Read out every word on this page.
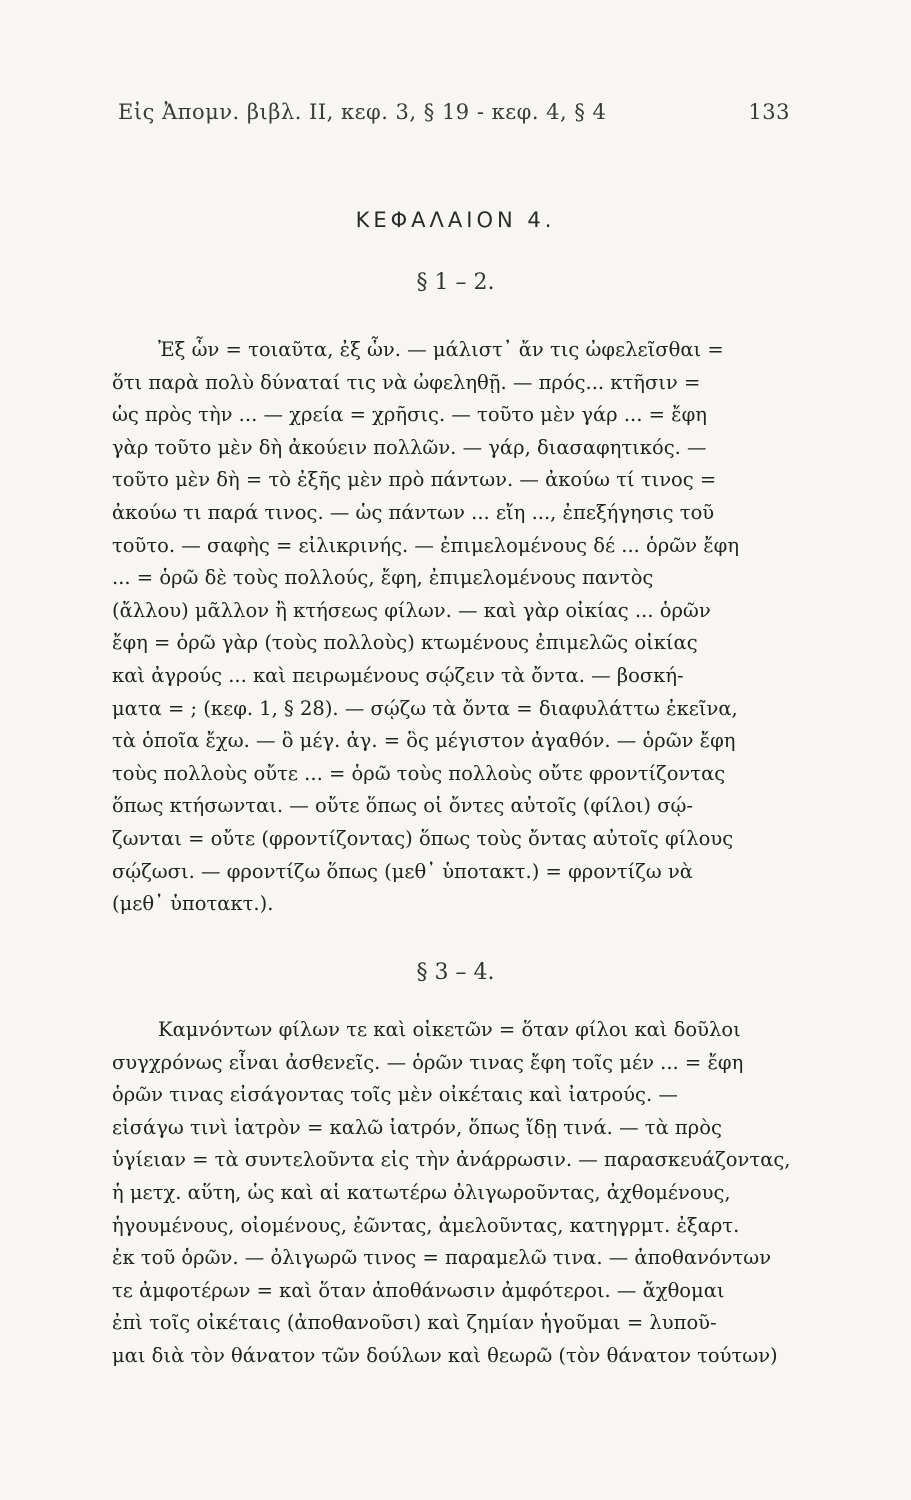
Εἰς Ἀπομν. βιβλ. II, κεφ. 3, § 19 - κεφ. 4, § 4	133
ΚΕΦΑΛΑΙΟΝ 4.
§ 1 – 2.
Ἐξ ὧν = τοιαῦτα, ἐξ ὧν. — μάλιστ᾽ ἄν τις ὠφελεῖσθαι =
ὅτι παρὰ πολὺ δύναταί τις νὰ ὠφεληθῇ. — πρός... κτῆσιν =
ὡς πρὸς τὴν ... — χρεία = χρῆσις. — τοῦτο μὲν γάρ ... = ἔφη
γὰρ τοῦτο μὲν δὴ ἀκούειν πολλῶν. — γάρ, διασαφητικός. —
τοῦτο μὲν δὴ = τὸ ἐξῆς μὲν πρὸ πάντων. — ἀκούω τί τινος =
ἀκούω τι παρά τινος. — ὡς πάντων ... εἴη ..., ἐπεξήγησις τοῦ
τοῦτο. — σαφὴς = εἰλικρινής. — ἐπιμελομένους δέ ... ὁρῶν ἔφη
... = ὁρῶ δὲ τοὺς πολλούς, ἔφη, ἐπιμελομένους παντὸς
(ἄλλου) μᾶλλον ἢ κτήσεως φίλων. — καὶ γὰρ οἰκίας ... ὁρῶν
ἔφη = ὁρῶ γὰρ (τοὺς πολλοὺς) κτωμένους ἐπιμελῶς οἰκίας
καὶ ἀγρούς ... καὶ πειρωμένους σῴζειν τὰ ὄντα. — βοσκή-
ματα = ; (κεφ. 1, § 28). — σῴζω τὰ ὄντα = διαφυλάττω ἐκεῖνα,
τὰ ὁποῖα ἔχω. — ὃ μέγ. ἀγ. = ὃς μέγιστον ἀγαθόν. — ὁρῶν ἔφη
τοὺς πολλοὺς οὔτε ... = ὁρῶ τοὺς πολλοὺς οὔτε φροντίζοντας
ὅπως κτήσωνται. — οὔτε ὅπως οἱ ὄντες αὐτοῖς (φίλοι) σῴ-
ζωνται = οὔτε (φροντίζοντας) ὅπως τοὺς ὄντας αὐτοῖς φίλους
σῴζωσι. — φροντίζω ὅπως (μεθ᾽ ὑποτακτ.) = φροντίζω νὰ
(μεθ᾽ ὑποτακτ.).
§ 3 – 4.
Καμνόντων φίλων τε καὶ οἰκετῶν = ὅταν φίλοι καὶ δοῦλοι
συγχρόνως εἶναι ἀσθενεῖς. — ὁρῶν τινας ἔφη τοῖς μέν ... = ἔφη
ὁρῶν τινας εἰσάγοντας τοῖς μὲν οἰκέταις καὶ ἰατρούς. —
εἰσάγω τινὶ ἰατρὸν = καλῶ ἰατρόν, ὅπως ἴδῃ τινά. — τὰ πρὸς
ὑγίειαν = τὰ συντελοῦντα εἰς τὴν ἀνάρρωσιν. — παρασκευάζοντας,
ἡ μετχ. αὕτη, ὡς καὶ αἱ κατωτέρω ὀλιγωροῦντας, ἀχθομένους,
ἡγουμένους, οἰομένους, ἐῶντας, ἀμελοῦντας, κατηγρμτ. ἐξαρτ.
ἐκ τοῦ ὁρῶν. — ὀλιγωρῶ τινος = παραμελῶ τινα. — ἀποθανόντων
τε ἀμφοτέρων = καὶ ὅταν ἀποθάνωσιν ἀμφότεροι. — ἄχθομαι
ἐπὶ τοῖς οἰκέταις (ἀποθανοῦσι) καὶ ζημίαν ἡγοῦμαι = λυποῦ-
μαι διὰ τὸν θάνατον τῶν δούλων καὶ θεωρῶ (τὸν θάνατον τούτων)
